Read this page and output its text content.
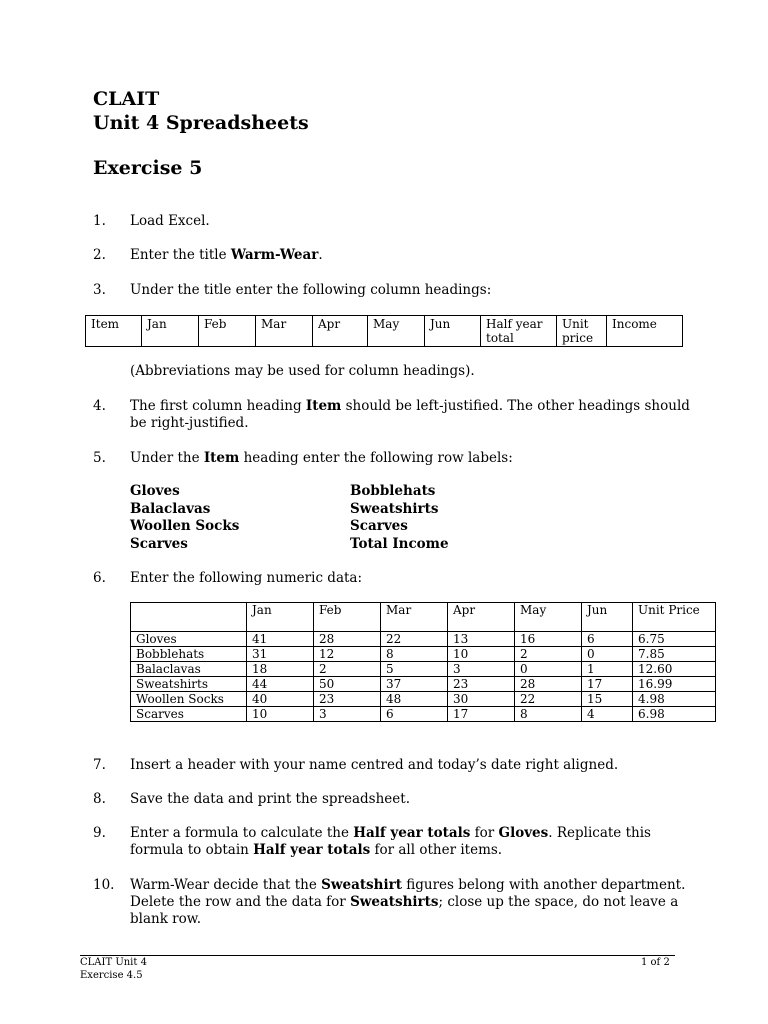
CLAIT
Unit 4 Spreadsheets
Exercise 5
1. Load Excel.
2. Enter the title Warm-Wear.
3. Under the title enter the following column headings:
Item	Jan	Feb	Mar	Apr	May	Jun	Half year total	Unit price	Income
(Abbreviations may be used for column headings).
4. The first column heading Item should be left-justified. The other headings should be right-justified.
5. Under the Item heading enter the following row labels:
Gloves
Balaclavas
Woollen Socks
Scarves
Bobblehats
Sweatshirts
Scarves
Total Income
6. Enter the following numeric data:
	Jan	Feb	Mar	Apr	May	Jun	Unit Price
Gloves	41	28	22	13	16	6	6.75
Bobblehats	31	12	8	10	2	0	7.85
Balaclavas	18	2	5	3	0	1	12.60
Sweatshirts	44	50	37	23	28	17	16.99
Woollen Socks	40	23	48	30	22	15	4.98
Scarves	10	3	6	17	8	4	6.98
7. Insert a header with your name centred and today’s date right aligned.
8. Save the data and print the spreadsheet.
9. Enter a formula to calculate the Half year totals for Gloves. Replicate this formula to obtain Half year totals for all other items.
10. Warm-Wear decide that the Sweatshirt figures belong with another department. Delete the row and the data for Sweatshirts; close up the space, do not leave a blank row.
CLAIT Unit 4
Exercise 4.5
1 of 2
